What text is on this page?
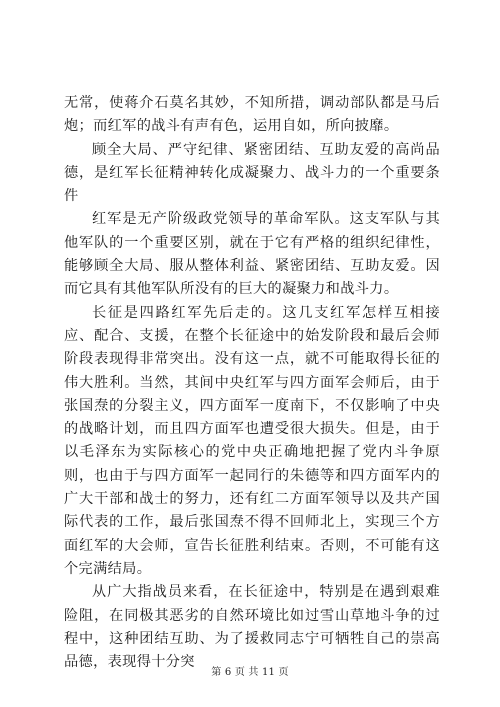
无常，使蒋介石莫名其妙，不知所措，调动部队都是马后炮；而红军的战斗有声有色，运用自如，所向披靡。

顾全大局、严守纪律、紧密团结、互助友爱的高尚品德，是红军长征精神转化成凝聚力、战斗力的一个重要条件

红军是无产阶级政党领导的革命军队。这支军队与其他军队的一个重要区别，就在于它有严格的组织纪律性，能够顾全大局、服从整体利益、紧密团结、互助友爱。因而它具有其他军队所没有的巨大的凝聚力和战斗力。

长征是四路红军先后走的。这几支红军怎样互相接应、配合、支援，在整个长征途中的始发阶段和最后会师阶段表现得非常突出。没有这一点，就不可能取得长征的伟大胜利。当然，其间中央红军与四方面军会师后，由于张国焘的分裂主义，四方面军一度南下，不仅影响了中央的战略计划，而且四方面军也遭受很大损失。但是，由于以毛泽东为实际核心的党中央正确地把握了党内斗争原则，也由于与四方面军一起同行的朱德等和四方面军内的广大干部和战士的努力，还有红二方面军领导以及共产国际代表的工作，最后张国焘不得不回师北上，实现三个方面红军的大会师，宣告长征胜利结束。否则，不可能有这个完满结局。

从广大指战员来看，在长征途中，特别是在遇到艰难险阻，在同极其恶劣的自然环境比如过雪山草地斗争的过程中，这种团结互助、为了援救同志宁可牺牲自己的崇高品德，表现得十分突

第 6 页 共 11 页
